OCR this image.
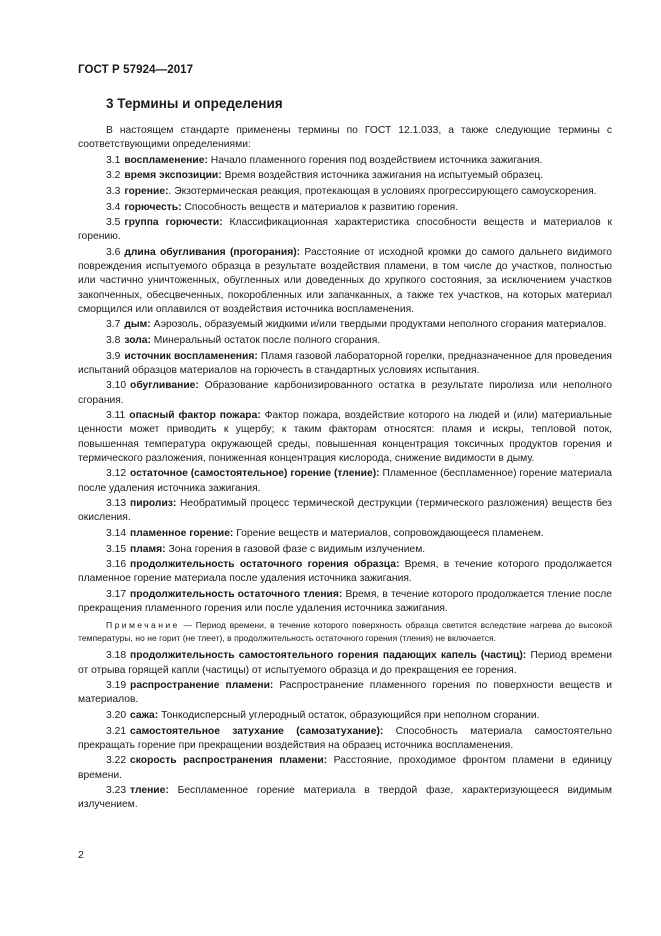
ГОСТ Р 57924—2017
3 Термины и определения
В настоящем стандарте применены термины по ГОСТ 12.1.033, а также следующие термины с соответствующими определениями:
3.1 воспламенение: Начало пламенного горения под воздействием источника зажигания.
3.2 время экспозиции: Время воздействия источника зажигания на испытуемый образец.
3.3 горение:. Экзотермическая реакция, протекающая в условиях прогрессирующего самоускорения.
3.4 горючесть: Способность веществ и материалов к развитию горения.
3.5 группа горючести: Классификационная характеристика способности веществ и материалов к горению.
3.6 длина обугливания (прогорания): Расстояние от исходной кромки до самого дальнего видимого повреждения испытуемого образца в результате воздействия пламени, в том числе до участков, полностью или частично уничтоженных, обугленных или доведенных до хрупкого состояния, за исключением участков закопченных, обесцвеченных, покоробленных или запачканных, а также тех участков, на которых материал сморщился или оплавился от воздействия источника воспламенения.
3.7 дым: Аэрозоль, образуемый жидкими и/или твердыми продуктами неполного сгорания материалов.
3.8 зола: Минеральный остаток после полного сгорания.
3.9 источник воспламенения: Пламя газовой лабораторной горелки, предназначенное для проведения испытаний образцов материалов на горючесть в стандартных условиях испытания.
3.10 обугливание: Образование карбонизированного остатка в результате пиролиза или неполного сгорания.
3.11 опасный фактор пожара: Фактор пожара, воздействие которого на людей и (или) материальные ценности может приводить к ущербу; к таким факторам относятся: пламя и искры, тепловой поток, повышенная температура окружающей среды, повышенная концентрация токсичных продуктов горения и термического разложения, пониженная концентрация кислорода, снижение видимости в дыму.
3.12 остаточное (самостоятельное) горение (тление): Пламенное (беспламенное) горение материала после удаления источника зажигания.
3.13 пиролиз: Необратимый процесс термической деструкции (термического разложения) веществ без окисления.
3.14 пламенное горение: Горение веществ и материалов, сопровождающееся пламенем.
3.15 пламя: Зона горения в газовой фазе с видимым излучением.
3.16 продолжительность остаточного горения образца: Время, в течение которого продолжается пламенное горение материала после удаления источника зажигания.
3.17 продолжительность остаточного тления: Время, в течение которого продолжается тление после прекращения пламенного горения или после удаления источника зажигания.
Примечание — Период времени, в течение которого поверхность образца светится вследствие нагрева до высокой температуры, но не горит (не тлеет), в продолжительность остаточного горения (тления) не включается.
3.18 продолжительность самостоятельного горения падающих капель (частиц): Период времени от отрыва горящей капли (частицы) от испытуемого образца и до прекращения ее горения.
3.19 распространение пламени: Распространение пламенного горения по поверхности веществ и материалов.
3.20 сажа: Тонкодисперсный углеродный остаток, образующийся при неполном сгорании.
3.21 самостоятельное затухание (самозатухание): Способность материала самостоятельно прекращать горение при прекращении воздействия на образец источника воспламенения.
3.22 скорость распространения пламени: Расстояние, проходимое фронтом пламени в единицу времени.
3.23 тление: Беспламенное горение материала в твердой фазе, характеризующееся видимым излучением.
2
